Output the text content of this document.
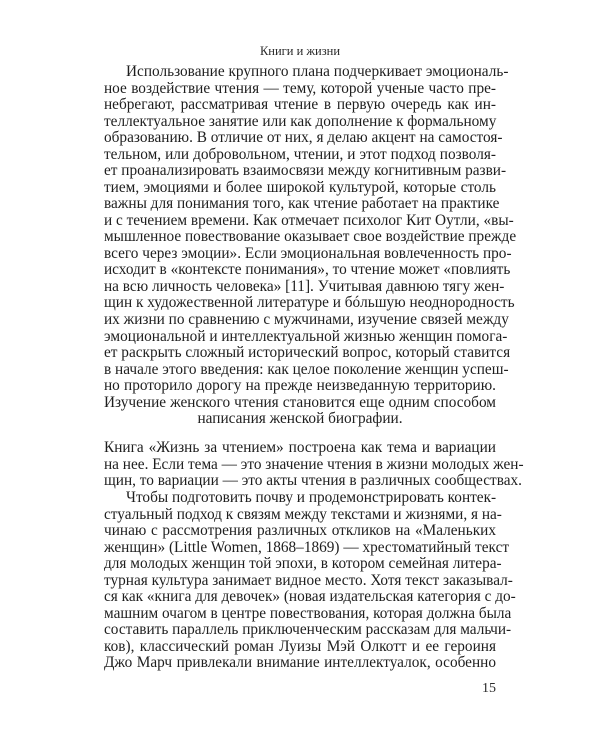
Книги и жизни
Использование крупного плана подчеркивает эмоциональ-
ное воздействие чтения — тему, которой ученые часто пре-
небрегают, рассматривая чтение в первую очередь как ин-
теллектуальное занятие или как дополнение к формальному
образованию. В отличие от них, я делаю акцент на самостоя-
тельном, или добровольном, чтении, и этот подход позволя-
ет проанализировать взаимосвязи между когнитивным разви-
тием, эмоциями и более широкой культурой, которые столь
важны для понимания того, как чтение работает на практике
и с течением времени. Как отмечает психолог Кит Оутли, «вы-
мышленное повествование оказывает свое воздействие прежде
всего через эмоции». Если эмоциональная вовлеченность про-
исходит в «контексте понимания», то чтение может «повлиять
на всю личность человека» [11]. Учитывая давнюю тягу жен-
щин к художественной литературе и бóльшую неоднородность
их жизни по сравнению с мужчинами, изучение связей между
эмоциональной и интеллектуальной жизнью женщин помога-
ет раскрыть сложный исторический вопрос, который ставится
в начале этого введения: как целое поколение женщин успеш-
но проторило дорогу на прежде неизведанную территорию.
Изучение женского чтения становится еще одним способом
написания женской биографии.
Книга «Жизнь за чтением» построена как тема и вариации
на нее. Если тема — это значение чтения в жизни молодых жен-
щин, то вариации — это акты чтения в различных сообществах.
Чтобы подготовить почву и продемонстрировать контек-
стуальный подход к связям между текстами и жизнями, я на-
чинаю с рассмотрения различных откликов на «Маленьких
женщин» (Little Women, 1868–1869) — хрестоматийный текст
для молодых женщин той эпохи, в котором семейная литера-
турная культура занимает видное место. Хотя текст заказывал-
ся как «книга для девочек» (новая издательская категория с до-
машним очагом в центре повествования, которая должна была
составить параллель приключенческим рассказам для мальчи-
ков), классический роман Луизы Мэй Олкотт и ее героиня
Джо Марч привлекали внимание интеллектуалок, особенно
15
